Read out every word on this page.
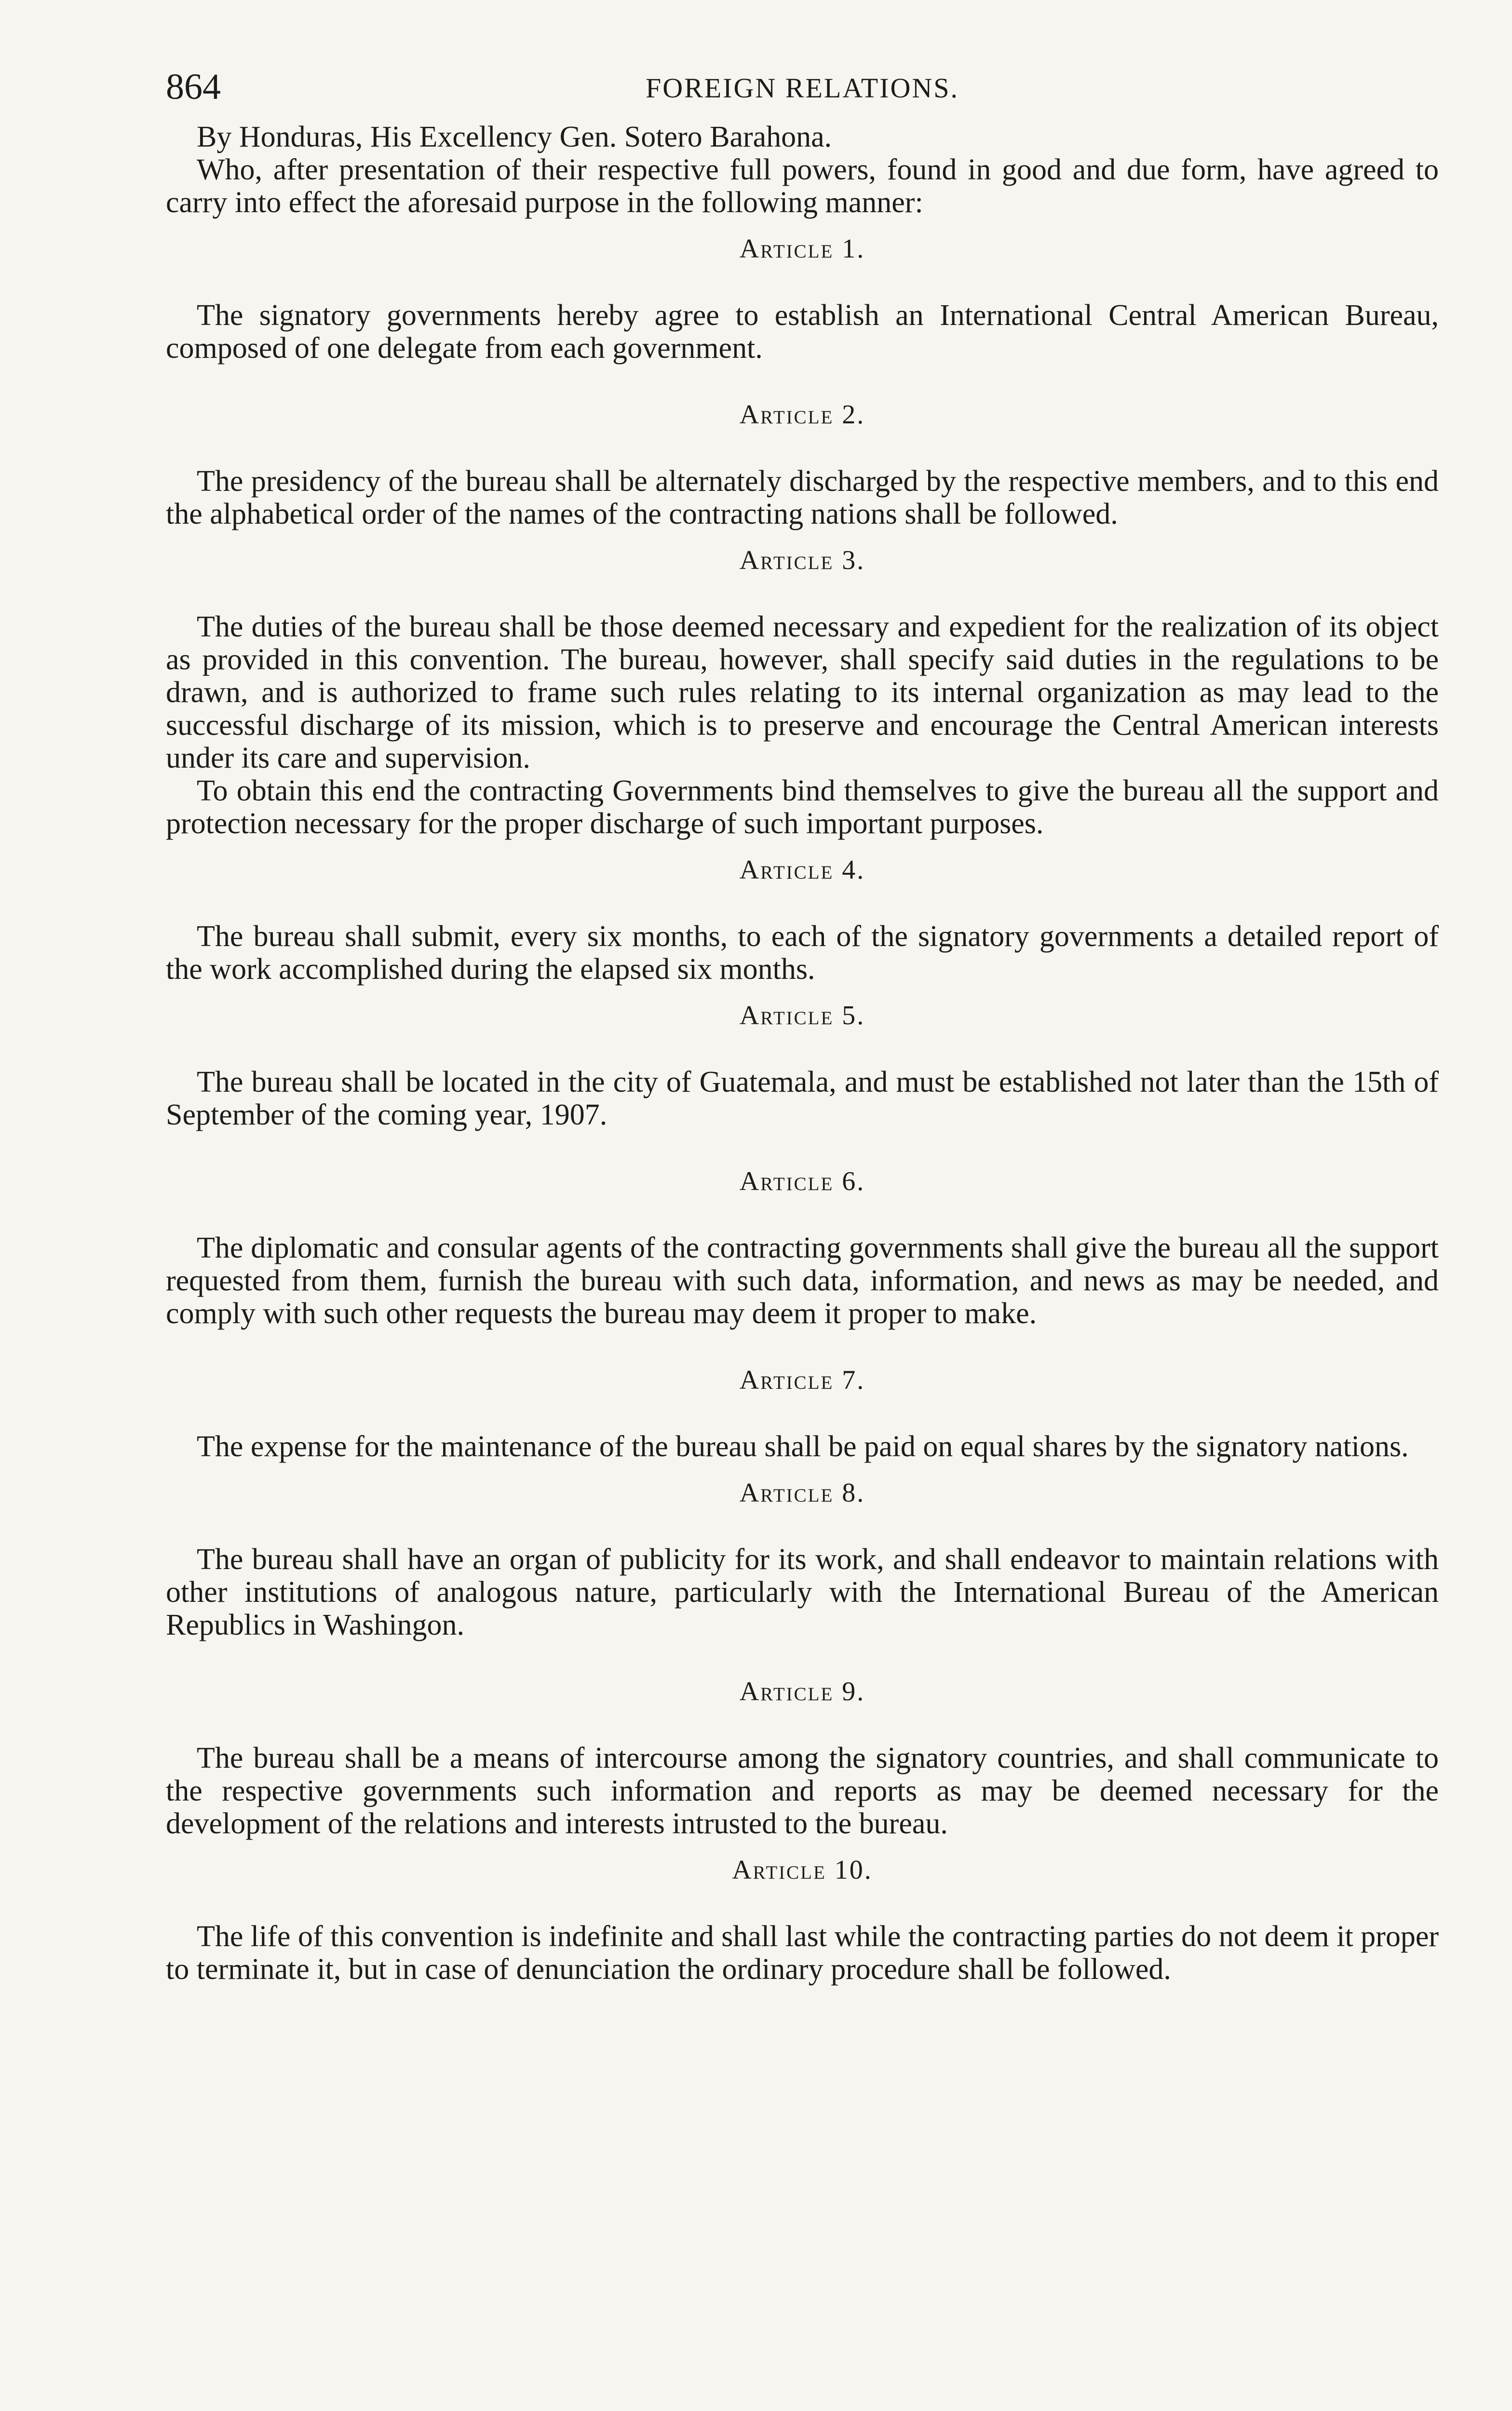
864	FOREIGN RELATIONS.

By Honduras, His Excellency Gen. Sotero Barahona.

Who, after presentation of their respective full powers, found in good and due form, have agreed to carry into effect the aforesaid purpose in the following manner:

Article 1.

The signatory governments hereby agree to establish an International Central American Bureau, composed of one delegate from each government.

Article 2.

The presidency of the bureau shall be alternately discharged by the respective members, and to this end the alphabetical order of the names of the contracting nations shall be followed.

Article 3.

The duties of the bureau shall be those deemed necessary and expedient for the realization of its object as provided in this convention. The bureau, however, shall specify said duties in the regulations to be drawn, and is authorized to frame such rules relating to its internal organization as may lead to the successful discharge of its mission, which is to preserve and encourage the Central American interests under its care and supervision.

To obtain this end the contracting Governments bind themselves to give the bureau all the support and protection necessary for the proper discharge of such important purposes.

Article 4.

The bureau shall submit, every six months, to each of the signatory governments a detailed report of the work accomplished during the elapsed six months.

Article 5.

The bureau shall be located in the city of Guatemala, and must be established not later than the 15th of September of the coming year, 1907.

Article 6.

The diplomatic and consular agents of the contracting governments shall give the bureau all the support requested from them, furnish the bureau with such data, information, and news as may be needed, and comply with such other requests the bureau may deem it proper to make.

Article 7.

The expense for the maintenance of the bureau shall be paid on equal shares by the signatory nations.

Article 8.

The bureau shall have an organ of publicity for its work, and shall endeavor to maintain relations with other institutions of analogous nature, particularly with the International Bureau of the American Republics in Washingon.

Article 9.

The bureau shall be a means of intercourse among the signatory countries, and shall communicate to the respective governments such information and reports as may be deemed necessary for the development of the relations and interests intrusted to the bureau.

Article 10.

The life of this convention is indefinite and shall last while the contracting parties do not deem it proper to terminate it, but in case of denunciation the ordinary procedure shall be followed.
